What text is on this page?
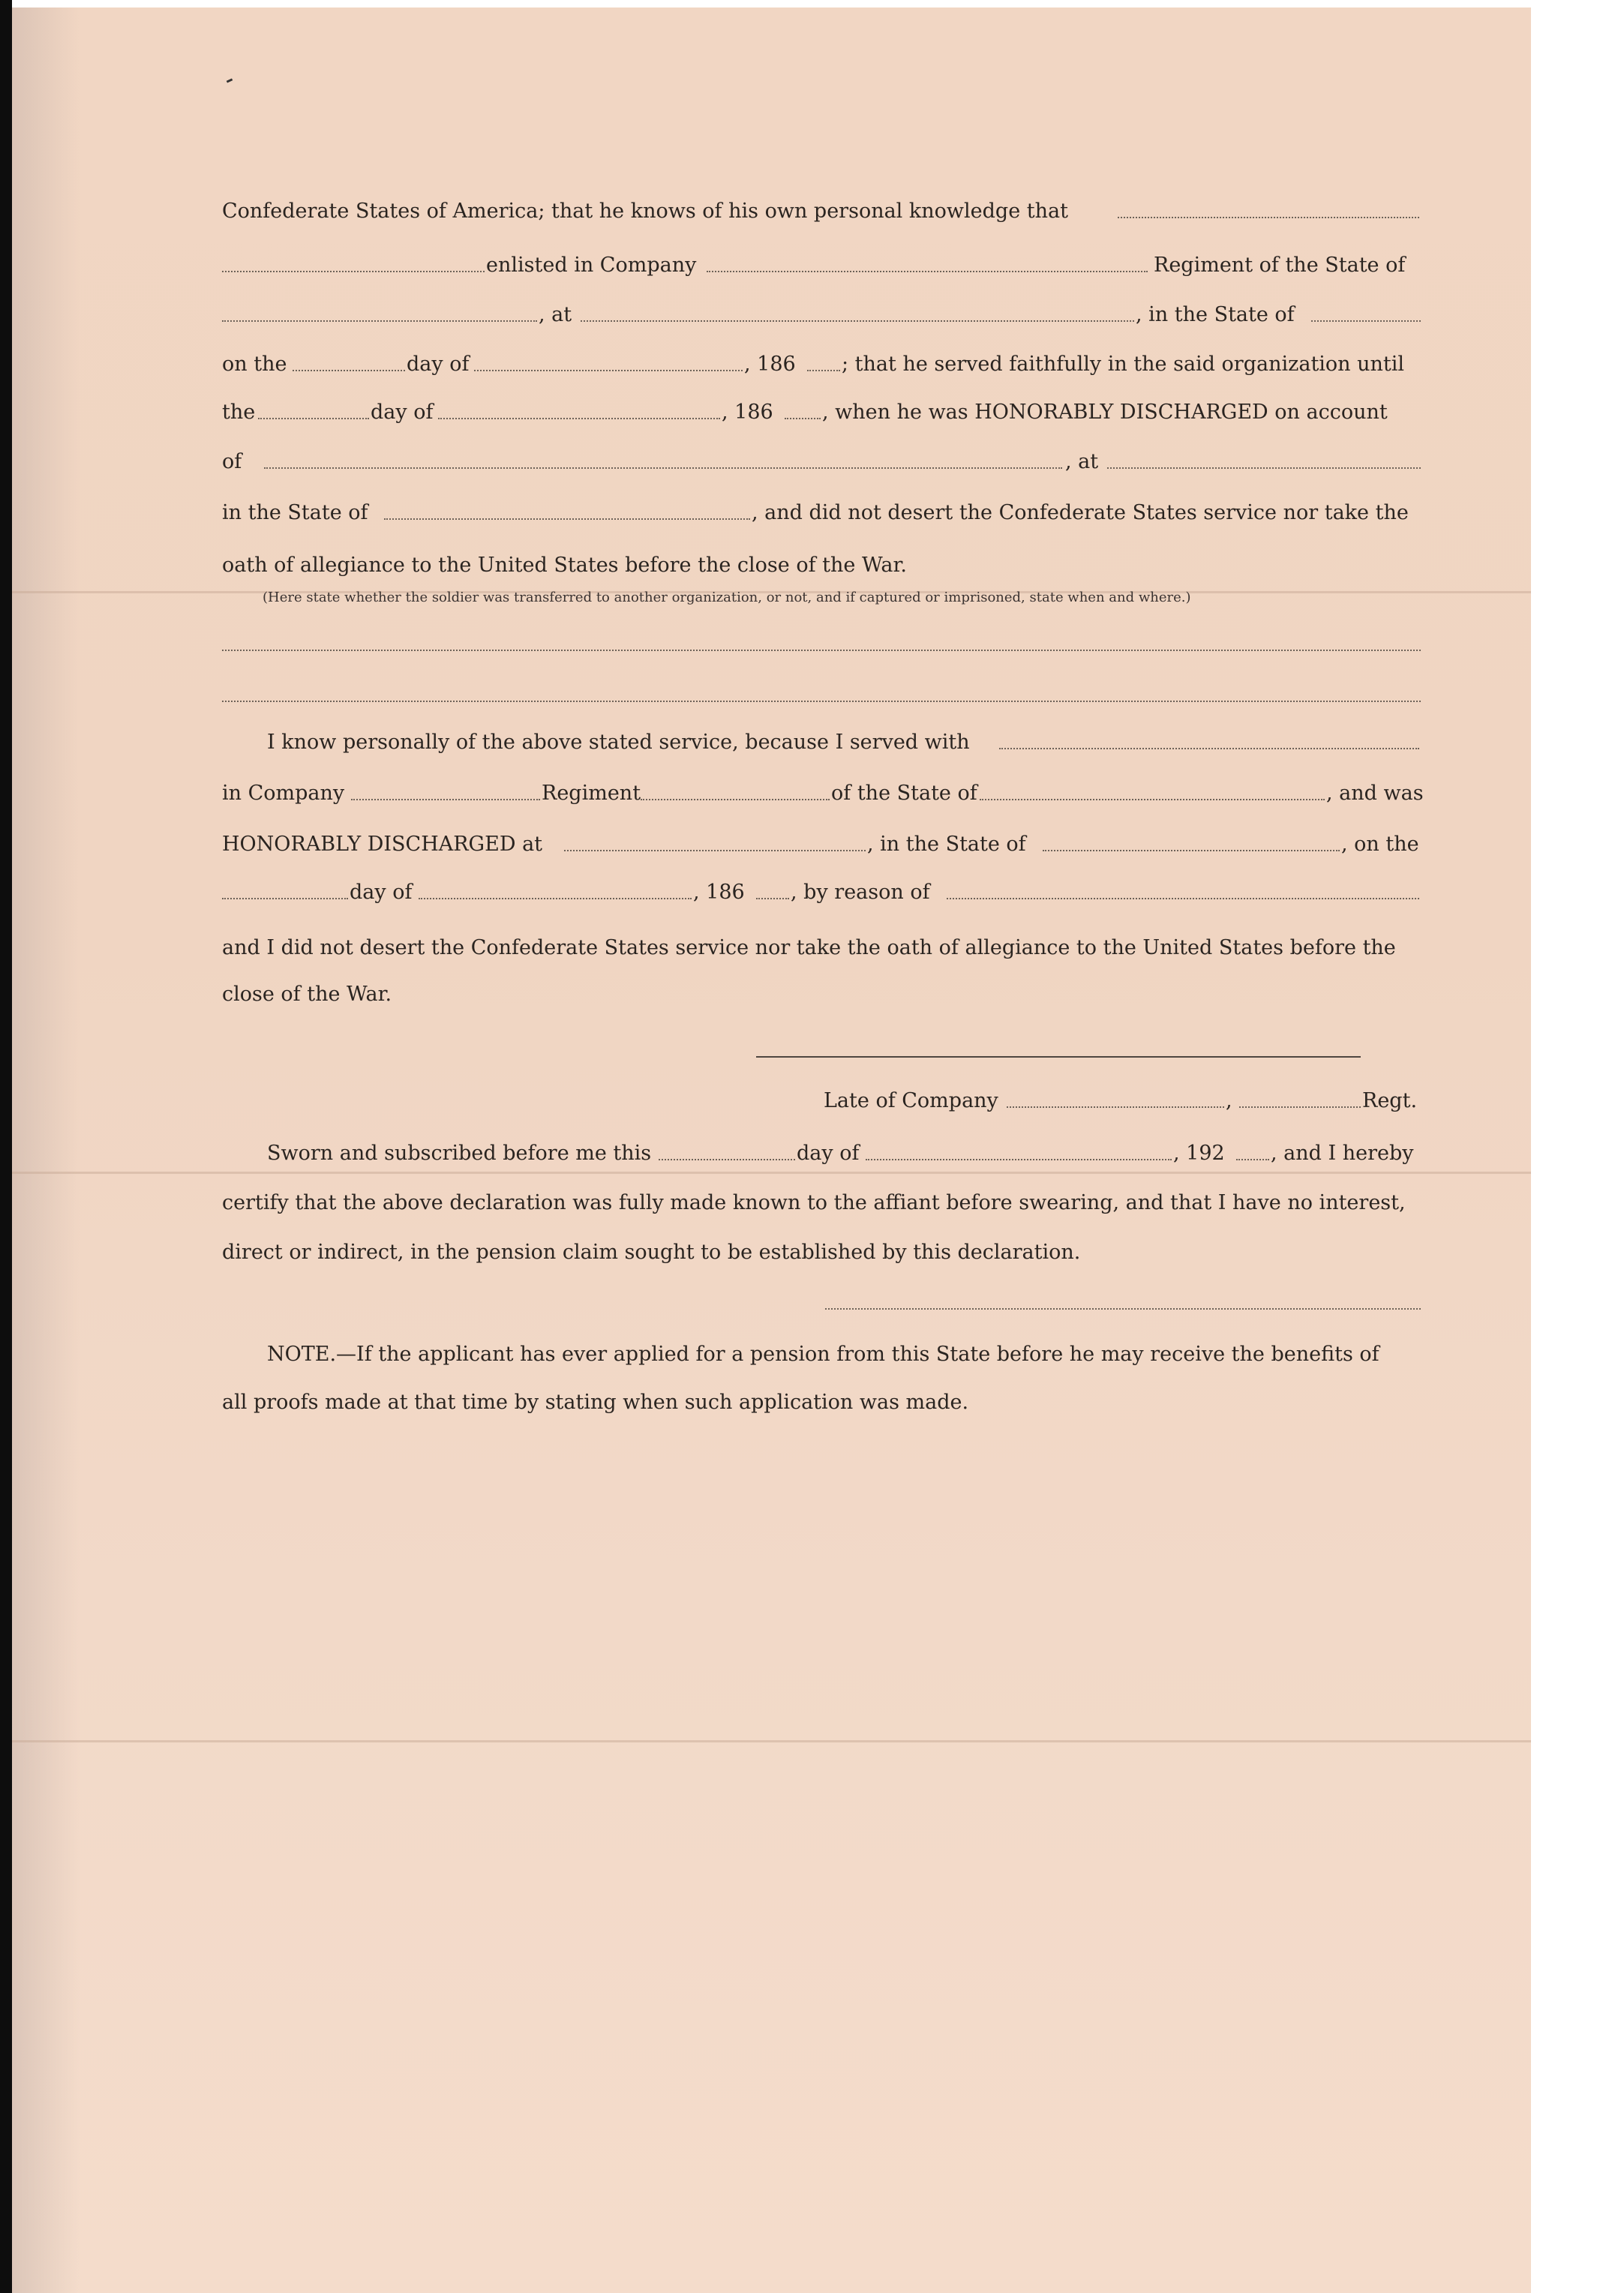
Confederate States of America; that he knows of his own personal knowledge that
enlisted in Company	Regiment of the State of
, at	, in the State of
on the	day of	, 186 ; that he served faithfully in the said organization until
the	day of	, 186 , when he was HONORABLY DISCHARGED on account
of	, at
in the State of	, and did not desert the Confederate States service nor take the
oath of allegiance to the United States before the close of the War.
(Here state whether the soldier was transferred to another organization, or not, and if captured or imprisoned, state when and where.)
I know personally of the above stated service, because I served with
in Company	Regiment	of the State of	, and was
HONORABLY DISCHARGED at	, in the State of	, on the
day of	, 186 , by reason of
and I did not desert the Confederate States service nor take the oath of allegiance to the United States before the
close of the War.
Late of Company	,	Regt.
Sworn and subscribed before me this	day of	, 192 , and I hereby
certify that the above declaration was fully made known to the affiant before swearing, and that I have no interest,
direct or indirect, in the pension claim sought to be established by this declaration.
NOTE.—If the applicant has ever applied for a pension from this State before he may receive the benefits of
all proofs made at that time by stating when such application was made.
